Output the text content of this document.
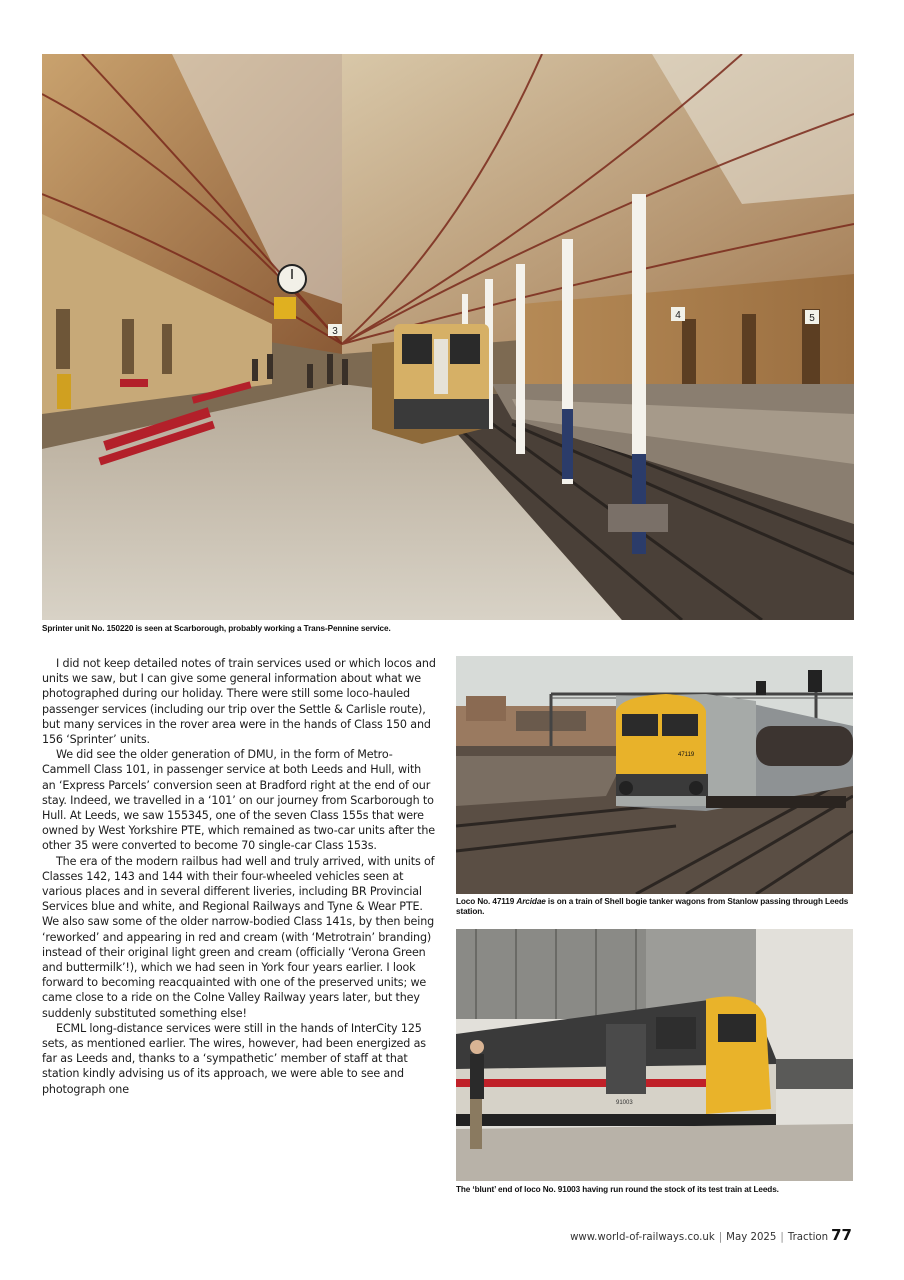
4	5
3
Sprinter unit No. 150220 is seen at Scarborough, probably working a Trans-Pennine service.
47119
Loco No. 47119 Arcidae is on a train of Shell bogie tanker wagons from Stanlow passing through Leeds station.
91003
The ‘blunt’ end of loco No. 91003 having run round the stock of its test train at Leeds.

I did not keep detailed notes of train services used or which locos and units we saw, but I can give some general information about what we photographed during our holiday. There were still some loco-hauled passenger services (including our trip over the Settle & Carlisle route), but many services in the rover area were in the hands of Class 150 and 156 ‘Sprinter’ units.

We did see the older generation of DMU, in the form of Metro-Cammell Class 101, in passenger service at both Leeds and Hull, with an ‘Express Parcels’ conversion seen at Bradford right at the end of our stay. Indeed, we travelled in a ‘101’ on our journey from Scarborough to Hull. At Leeds, we saw 155345, one of the seven Class 155s that were owned by West Yorkshire PTE, which remained as two-car units after the other 35 were converted to become 70 single-car Class 153s.

The era of the modern railbus had well and truly arrived, with units of Classes 142, 143 and 144 with their four-wheeled vehicles seen at various places and in several different liveries, including BR Provincial Services blue and white, and Regional Railways and Tyne & Wear PTE. We also saw some of the older narrow-bodied Class 141s, by then being ‘reworked’ and appearing in red and cream (with ‘Metrotrain’ branding) instead of their original light green and cream (officially ‘Verona Green and buttermilk’!), which we had seen in York four years earlier. I look forward to becoming reacquainted with one of the preserved units; we came close to a ride on the Colne Valley Railway years later, but they suddenly substituted something else!

ECML long-distance services were still in the hands of InterCity 125 sets, as mentioned earlier. The wires, however, had been energized as far as Leeds and, thanks to a ‘sympathetic’ member of staff at that station kindly advising us of its approach, we were able to see and photograph one

www.world-of-railways.co.uk | May 2025 | Traction 77
